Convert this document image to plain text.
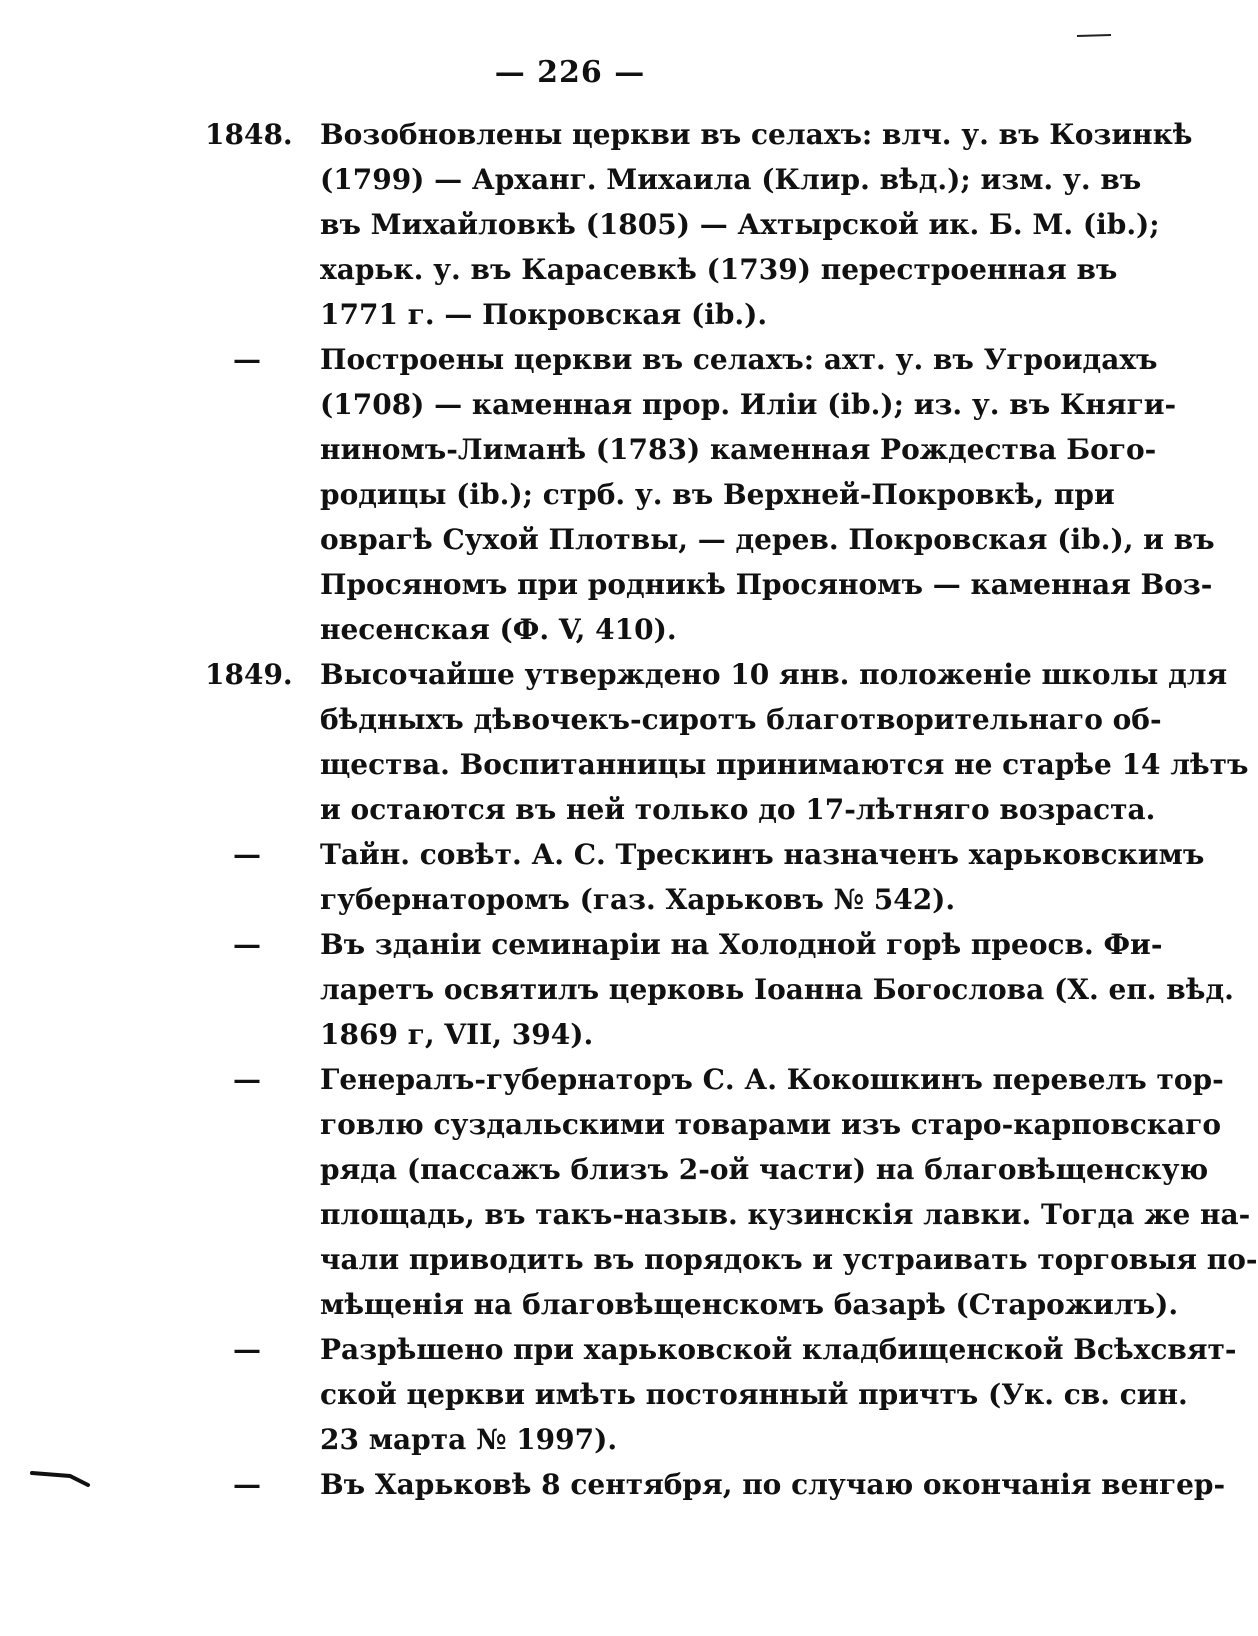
— 226 —
1848. Возобновлены церкви въ селахъ: влч. у. въ Козинкѣ
(1799) — Арханг. Михаила (Клир. вѣд.); изм. у. въ
въ Михайловкѣ (1805) — Ахтырской ик. Б. М. (ib.);
харьк. у. въ Карасевкѣ (1739) перестроенная въ
1771 г. — Покровская (ib.).
—	Построены церкви въ селахъ: ахт. у. въ Угроидахъ
(1708) — каменная прор. Иліи (ib.); из. у. въ Княги-
ниномъ-Лиманѣ (1783) каменная Рождества Бого-
родицы (ib.); стрб. у. въ Верхней-Покровкѣ, при
оврагѣ Сухой Плотвы, — дерев. Покровская (ib.), и въ
Просяномъ при родникѣ Просяномъ — каменная Воз-
несенская (Ф. V, 410).
1849. Высочайше утверждено 10 янв. положеніе школы для
бѣдныхъ дѣвочекъ-сиротъ благотворительнаго об-
щества. Воспитанницы принимаются не старѣе 14 лѣтъ
и остаются въ ней только до 17-лѣтняго возраста.
—	Тайн. совѣт. А. С. Трескинъ назначенъ харьковскимъ
губернаторомъ (газ. Харьковъ № 542).
—	Въ зданіи семинаріи на Холодной горѣ преосв. Фи-
ларетъ освятилъ церковь Іоанна Богослова (Х. еп. вѣд.
1869 г, VII, 394).
—	Генералъ-губернаторъ С. А. Кокошкинъ перевелъ тор-
говлю суздальскими товарами изъ старо-карповскаго
ряда (пассажъ близъ 2-ой части) на благовѣщенскую
площадь, въ такъ-назыв. кузинскія лавки. Тогда же на-
чали приводить въ порядокъ и устраивать торговыя по-
мѣщенія на благовѣщенскомъ базарѣ (Старожилъ).
—	Разрѣшено при харьковской кладбищенской Всѣхсвят-
ской церкви имѣть постоянный причтъ (Ук. св. син.
23 марта № 1997).
—	Въ Харьковѣ 8 сентября, по случаю окончанія венгер-
